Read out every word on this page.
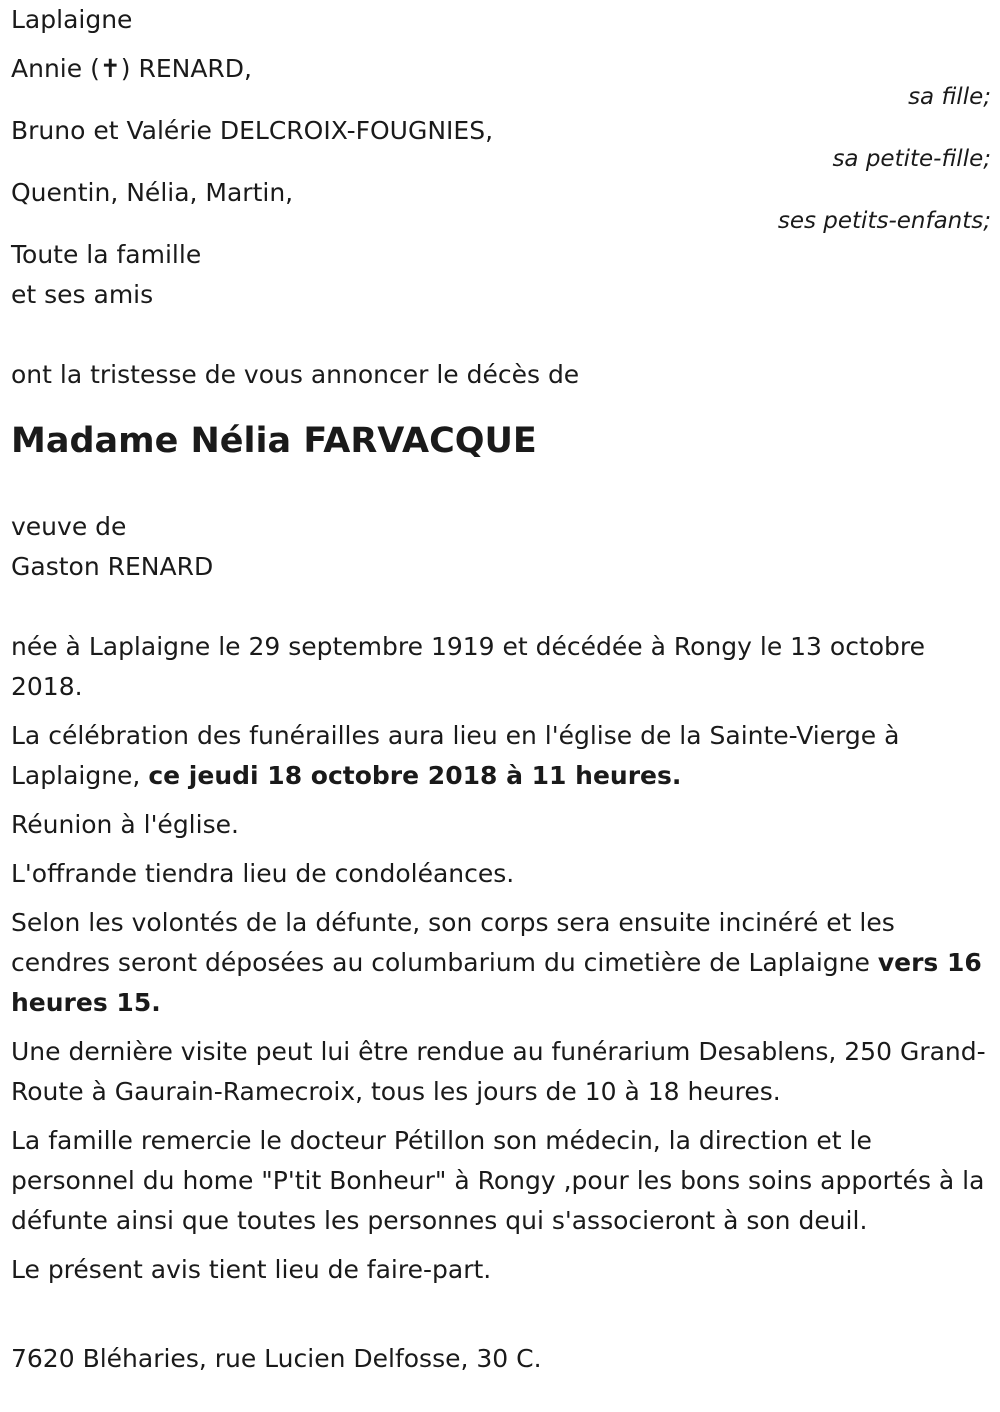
Laplaigne
Annie (✝) RENARD,
sa fille;
Bruno et Valérie DELCROIX-FOUGNIES,
sa petite-fille;
Quentin, Nélia, Martin,
ses petits-enfants;
Toute la famille
et ses amis
ont la tristesse de vous annoncer le décès de
Madame Nélia FARVACQUE
veuve de
Gaston RENARD
née à Laplaigne le 29 septembre 1919 et décédée à Rongy le 13 octobre 2018.
La célébration des funérailles aura lieu en l'église de la Sainte-Vierge à Laplaigne, ce jeudi 18 octobre 2018 à 11 heures.
Réunion à l'église.
L'offrande tiendra lieu de condoléances.
Selon les volontés de la défunte, son corps sera ensuite incinéré et les cendres seront déposées au columbarium du cimetière de Laplaigne vers 16 heures 15.
Une dernière visite peut lui être rendue au funérarium Desablens, 250 Grand-Route à Gaurain-Ramecroix, tous les jours de 10 à 18 heures.
La famille remercie le docteur Pétillon son médecin, la direction et le personnel du home "P'tit Bonheur" à Rongy ,pour les bons soins apportés à la défunte ainsi que toutes les personnes qui s'associeront à son deuil.
Le présent avis tient lieu de faire-part.
7620 Bléharies, rue Lucien Delfosse, 30 C.
